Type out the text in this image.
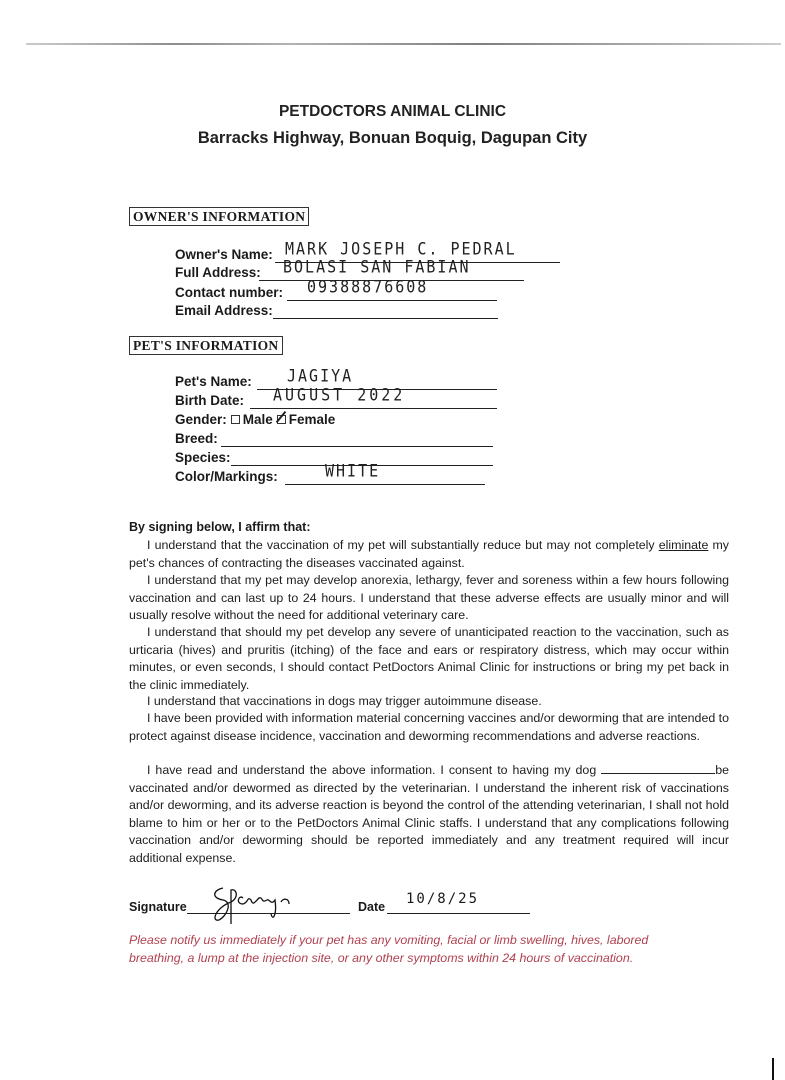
PETDOCTORS ANIMAL CLINIC
Barracks Highway, Bonuan Boquig, Dagupan City
OWNER'S INFORMATION
Owner's Name: MARK JOSEPH C. PEDRAL
Full Address: BOLASI SAN FABIAN
Contact number: 09388876608
Email Address:
PET'S INFORMATION
Pet's Name: JAGIYA
Birth Date: AUGUST 2022
Gender: Male Female
Breed:
Species:
Color/Markings:	WHITE
By signing below, I affirm that:
I understand that the vaccination of my pet will substantially reduce but may not completely eliminate my pet's chances of contracting the diseases vaccinated against.
I understand that my pet may develop anorexia, lethargy, fever and soreness within a few hours following vaccination and can last up to 24 hours. I understand that these adverse effects are usually minor and will usually resolve without the need for additional veterinary care.
I understand that should my pet develop any severe of unanticipated reaction to the vaccination, such as urticaria (hives) and pruritis (itching) of the face and ears or respiratory distress, which may occur within minutes, or even seconds, I should contact PetDoctors Animal Clinic for instructions or bring my pet back in the clinic immediately.
I understand that vaccinations in dogs may trigger autoimmune disease.
I have been provided with information material concerning vaccines and/or deworming that are intended to protect against disease incidence, vaccination and deworming recommendations and adverse reactions.
I have read and understand the above information. I consent to having my dog	be vaccinated and/or dewormed as directed by the veterinarian. I understand the inherent risk of vaccinations and/or deworming, and its adverse reaction is beyond the control of the attending veterinarian, I shall not hold blame to him or her or to the PetDoctors Animal Clinic staffs. I understand that any complications following vaccination and/or deworming should be reported immediately and any treatment required will incur additional expense.
Signature	Date 10/8/25
Please notify us immediately if your pet has any vomiting, facial or limb swelling, hives, labored breathing, a lump at the injection site, or any other symptoms within 24 hours of vaccination.
